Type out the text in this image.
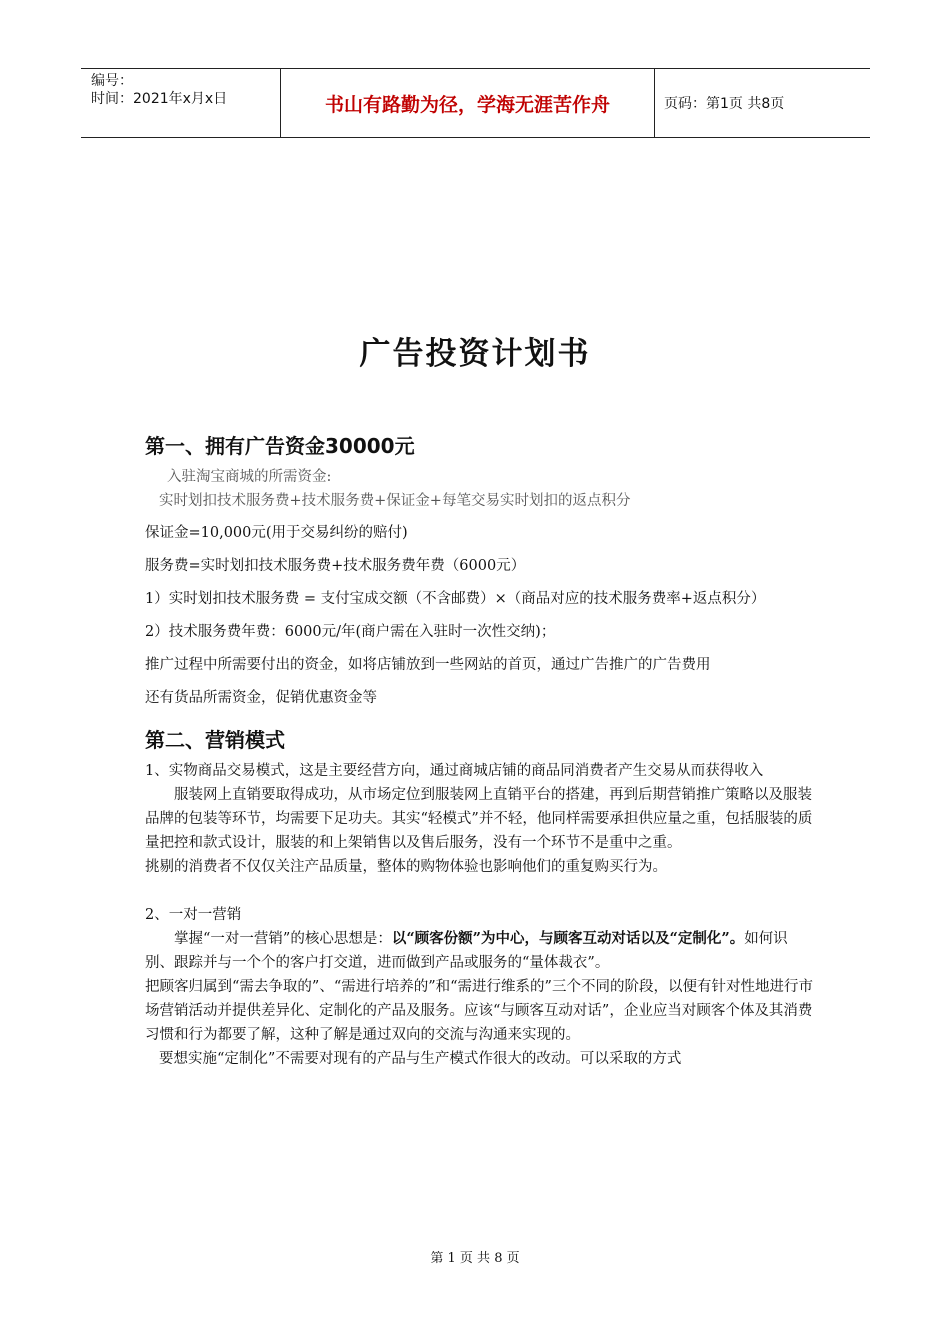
编号：
时间：2021年x月x日	书山有路勤为径，学海无涯苦作舟	页码：第1页 共8页
广告投资计划书
第一、拥有广告资金30000元

入驻淘宝商城的所需资金:

实时划扣技术服务费+技术服务费+保证金+每笔交易实时划扣的返点积分

保证金=10,000元(用于交易纠纷的赔付)

服务费=实时划扣技术服务费+技术服务费年费（6000元）

1）实时划扣技术服务费 = 支付宝成交额（不含邮费）×（商品对应的技术服务费率+返点积分）

2）技术服务费年费：6000元/年(商户需在入驻时一次性交纳)；

推广过程中所需要付出的资金，如将店铺放到一些网站的首页，通过广告推广的广告费用

还有货品所需资金，促销优惠资金等

第二、营销模式

1、实物商品交易模式，这是主要经营方向，通过商城店铺的商品同消费者产生交易从而获得收入

服装网上直销要取得成功，从市场定位到服装网上直销平台的搭建，再到后期营销推广策略以及服装品牌的包装等环节，均需要下足功夫。其实“轻模式”并不轻，他同样需要承担供应量之重，包括服装的质量把控和款式设计，服装的和上架销售以及售后服务，没有一个环节不是重中之重。

挑剔的消费者不仅仅关注产品质量，整体的购物体验也影响他们的重复购买行为。

2、一对一营销

掌握“一对一营销”的核心思想是：以“顾客份额”为中心，与顾客互动对话以及“定制化”。如何识别、跟踪并与一个个的客户打交道，进而做到产品或服务的“量体裁衣”。

把顾客归属到“需去争取的”、“需进行培养的”和“需进行维系的”三个不同的阶段，以便有针对性地进行市场营销活动并提供差异化、定制化的产品及服务。应该“与顾客互动对话”，企业应当对顾客个体及其消费习惯和行为都要了解，这种了解是通过双向的交流与沟通来实现的。

要想实施“定制化”不需要对现有的产品与生产模式作很大的改动。可以采取的方式

第 1 页 共 8 页
